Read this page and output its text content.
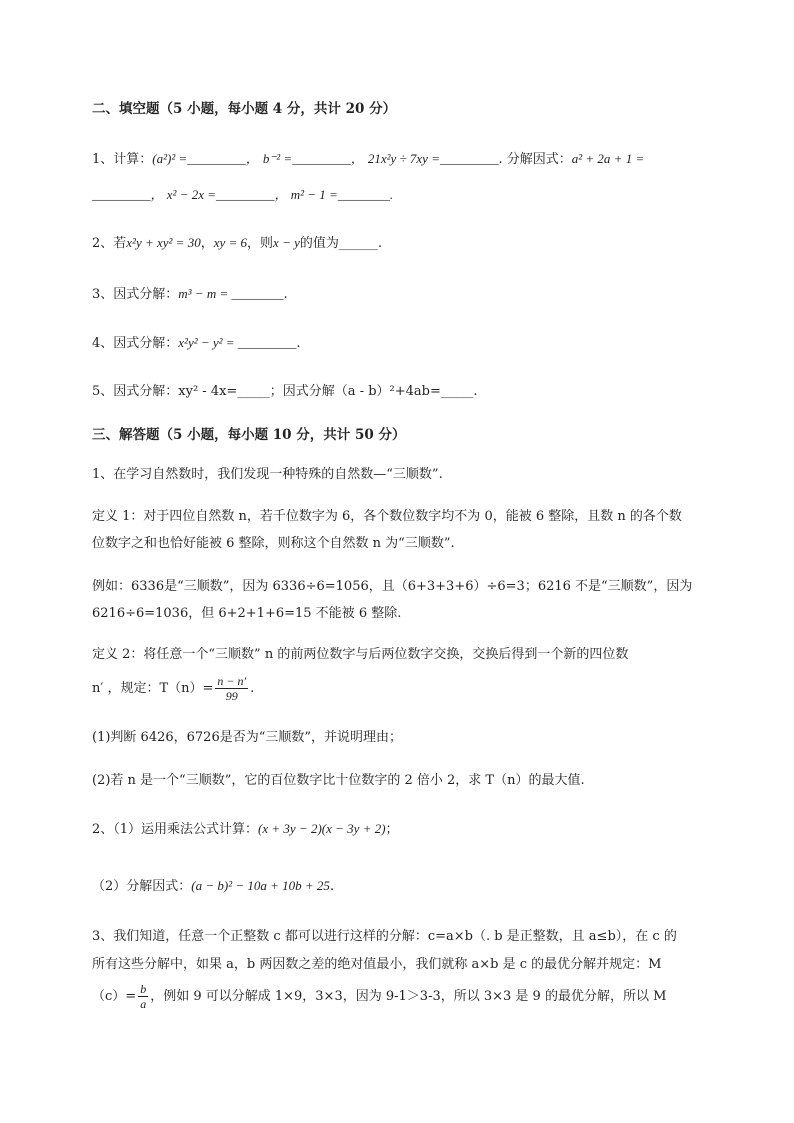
二、填空题（5 小题，每小题 4 分，共计 20 分）
1、计算：(a²)² =_________， b⁻² =_________， 21x²y ÷ 7xy =_________. 分解因式：a² + 2a + 1 =
_________， x² − 2x =_________， m² − 1 =________.
2、若x²y + xy² = 30，xy = 6，则x − y的值为______.
3、因式分解：m³ − m = ________.
4、因式分解：x²y² − y² = _________.
5、因式分解：xy² - 4x=_____；因式分解（a - b）²+4ab=_____.
三、解答题（5 小题，每小题 10 分，共计 50 分）
1、在学习自然数时，我们发现一种特殊的自然数—“三顺数”.
定义 1：对于四位自然数 n，若千位数字为 6，各个数位数字均不为 0，能被 6 整除，且数 n 的各个数
位数字之和也恰好能被 6 整除，则称这个自然数 n 为“三顺数”.
例如：6336是“三顺数”，因为 6336÷6=1056，且（6+3+3+6）÷6=3；6216 不是“三顺数”，因为
6216÷6=1036，但 6+2+1+6=15 不能被 6 整除.
定义 2：将任意一个“三顺数” n 的前两位数字与后两位数字交换，交换后得到一个新的四位数
n′ ，规定：$T(n)= \frac{n - n'}{99}$ .
(1)判断 6426，6726是否为“三顺数”，并说明理由；
(2)若 n 是一个“三顺数”，它的百位数字比十位数字的 2 倍小 2，求 T（n）的最大值.
2、（1）运用乘法公式计算：(x + 3y − 2)(x − 3y + 2)；
（2）分解因式：(a − b)² − 10a + 10b + 25.
3、我们知道，任意一个正整数 c 都可以进行这样的分解：c=a×b（. b 是正整数，且 a≤b），在 c 的
所有这些分解中，如果 a，b 两因数之差的绝对值最小，我们就称 a×b 是 c 的最优分解并规定：M
$(c)= \frac{b}{a}$ ，例如 9 可以分解成 1×9，3×3，因为 9-1＞3-3，所以 3×3 是 9 的最优分解，所以 M
